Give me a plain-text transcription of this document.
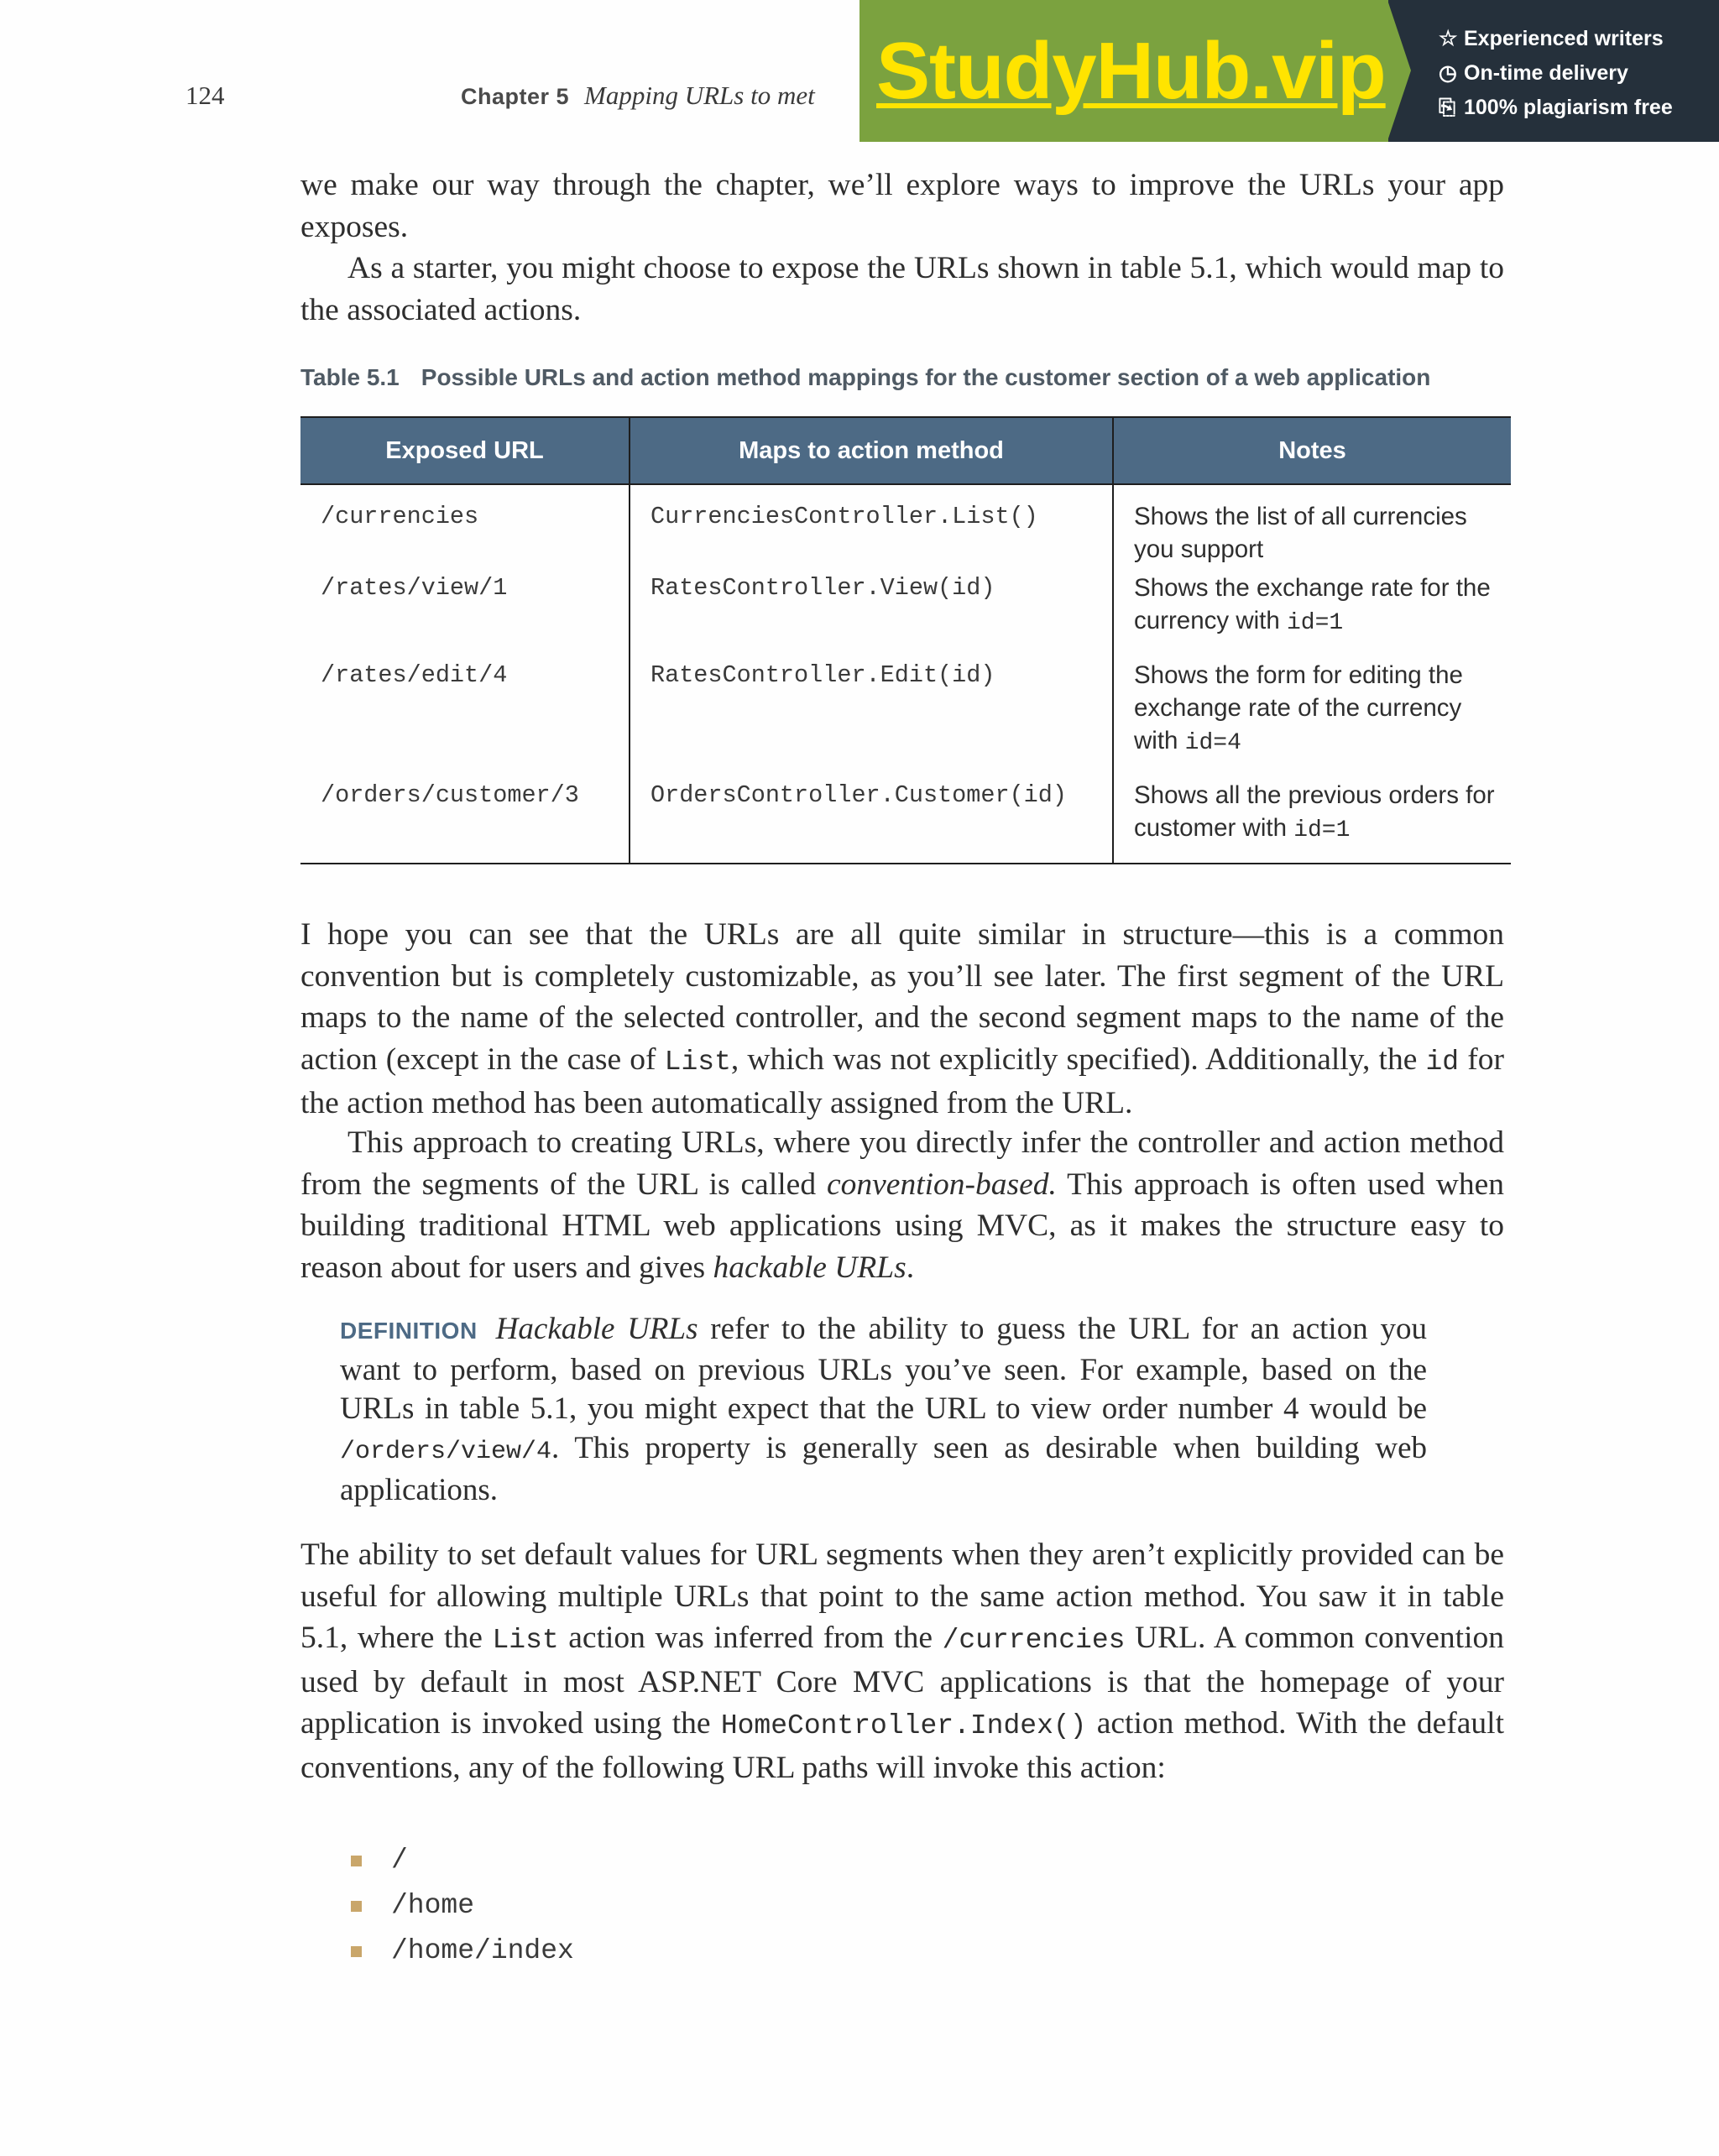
124	Chapter 5 Mapping URLs to met StudyHub.vip	☆ Experienced writers
◷ On-time delivery
⎘ 100% plagiarism free
we make our way through the chapter, we’ll explore ways to improve the URLs your app exposes.
As a starter, you might choose to expose the URLs shown in table 5.1, which would map to the associated actions.
Table 5.1 Possible URLs and action method mappings for the customer section of a web application
Exposed URL	Maps to action method	Notes
/currencies	CurrenciesController.List()	Shows the list of all currencies you support
/rates/view/1	RatesController.View(id)	Shows the exchange rate for the currency with id=1
/rates/edit/4	RatesController.Edit(id)	Shows the form for editing the exchange rate of the currency with id=4
/orders/customer/3	OrdersController.Customer(id)	Shows all the previous orders for customer with id=1
I hope you can see that the URLs are all quite similar in structure—this is a common convention but is completely customizable, as you’ll see later. The first segment of the URL maps to the name of the selected controller, and the second segment maps to the name of the action (except in the case of List, which was not explicitly specified). Additionally, the id for the action method has been automatically assigned from the URL.
This approach to creating URLs, where you directly infer the controller and action method from the segments of the URL is called convention-based. This approach is often used when building traditional HTML web applications using MVC, as it makes the structure easy to reason about for users and gives hackable URLs.
DEFINITION Hackable URLs refer to the ability to guess the URL for an action you want to perform, based on previous URLs you’ve seen. For example, based on the URLs in table 5.1, you might expect that the URL to view order number 4 would be /orders/view/4. This property is generally seen as desirable when building web applications.
The ability to set default values for URL segments when they aren’t explicitly provided can be useful for allowing multiple URLs that point to the same action method. You saw it in table 5.1, where the List action was inferred from the /currencies URL. A common convention used by default in most ASP.NET Core MVC applications is that the homepage of your application is invoked using the HomeController.Index() action method. With the default conventions, any of the following URL paths will invoke this action:
/
/home
/home/index
